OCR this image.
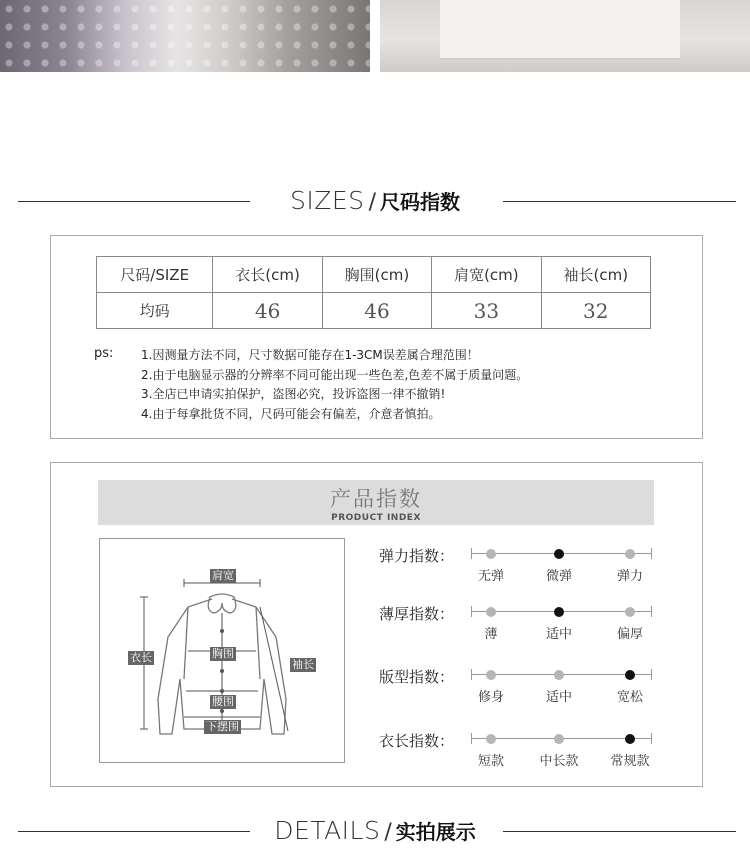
SIZES / 尺码指数
尺码/SIZE	衣长(cm)	胸围(cm)	肩宽(cm)	袖长(cm)
均码	46	46	33	32
ps: 1.因测量方法不同，尺寸数据可能存在1-3CM误差属合理范围！
2.由于电脑显示器的分辨率不同可能出现一些色差,色差不属于质量问题。
3.全店已申请实拍保护，盗图必究，投诉盗图一律不撤销!
4.由于每拿批货不同，尺码可能会有偏差，介意者慎拍。
产品指数
PRODUCT INDEX
肩宽
衣长	胸围
袖长
腰围
下摆围
弹力指数：
无弹	微弹	弹力
薄厚指数：
薄	适中	偏厚
版型指数：
修身	适中	宽松
衣长指数：
短款	中长款	常规款
DETAILS / 实拍展示
